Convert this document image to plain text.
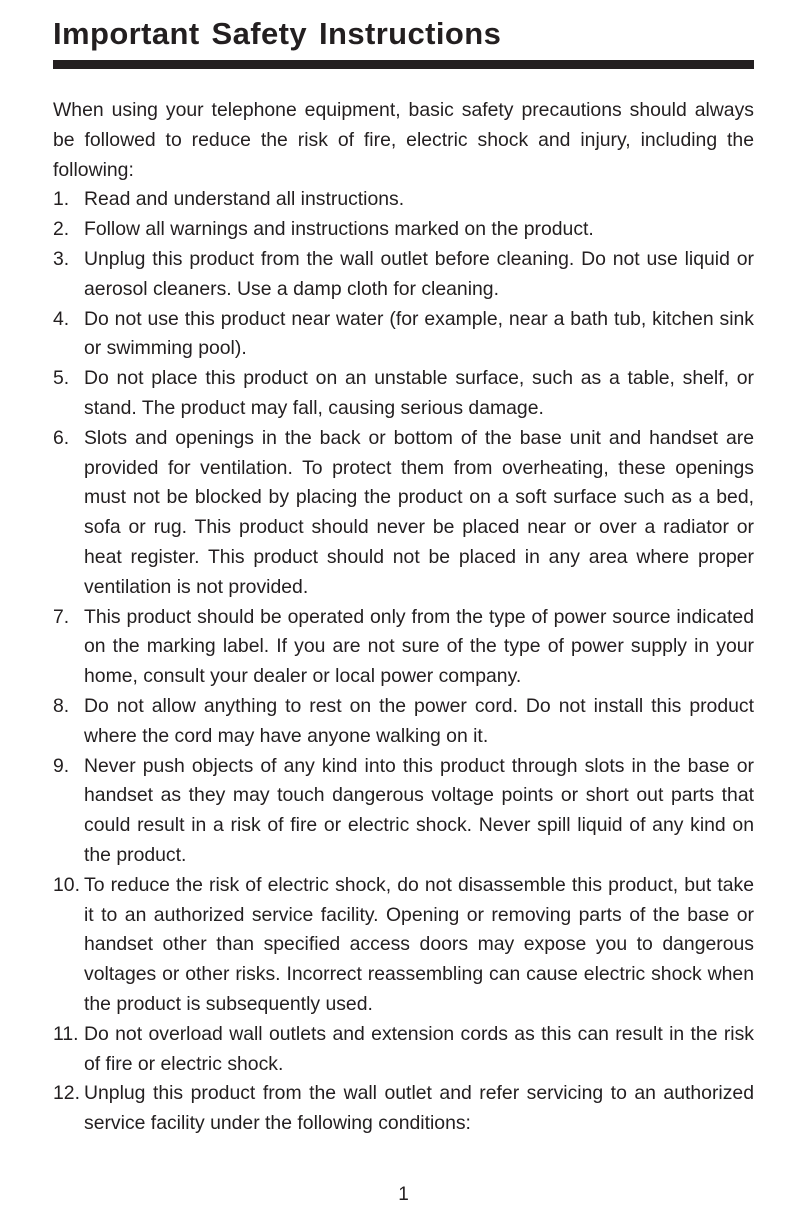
Important Safety Instructions

When using your telephone equipment, basic safety precautions should always be followed to reduce the risk of fire, electric shock and injury, including the following:

1. Read and understand all instructions.
2. Follow all warnings and instructions marked on the product.
3. Unplug this product from the wall outlet before cleaning. Do not use liquid or aerosol cleaners. Use a damp cloth for cleaning.
4. Do not use this product near water (for example, near a bath tub, kitchen sink or swimming pool).
5. Do not place this product on an unstable surface, such as a table, shelf, or stand. The product may fall, causing serious damage.
6. Slots and openings in the back or bottom of the base unit and handset are provided for ventilation. To protect them from overheating, these openings must not be blocked by placing the product on a soft surface such as a bed, sofa or rug. This product should never be placed near or over a radiator or heat register. This product should not be placed in any area where proper ventilation is not provided.
7. This product should be operated only from the type of power source indicated on the marking label. If you are not sure of the type of power supply in your home, consult your dealer or local power company.
8. Do not allow anything to rest on the power cord. Do not install this product where the cord may have anyone walking on it.
9. Never push objects of any kind into this product through slots in the base or handset as they may touch dangerous voltage points or short out parts that could result in a risk of fire or electric shock. Never spill liquid of any kind on the product.
10. To reduce the risk of electric shock, do not disassemble this product, but take it to an authorized service facility. Opening or removing parts of the base or handset other than specified access doors may expose you to dangerous voltages or other risks. Incorrect reassembling can cause electric shock when the product is subsequently used.
11. Do not overload wall outlets and extension cords as this can result in the risk of fire or electric shock.
12. Unplug this product from the wall outlet and refer servicing to an authorized service facility under the following conditions:
1
